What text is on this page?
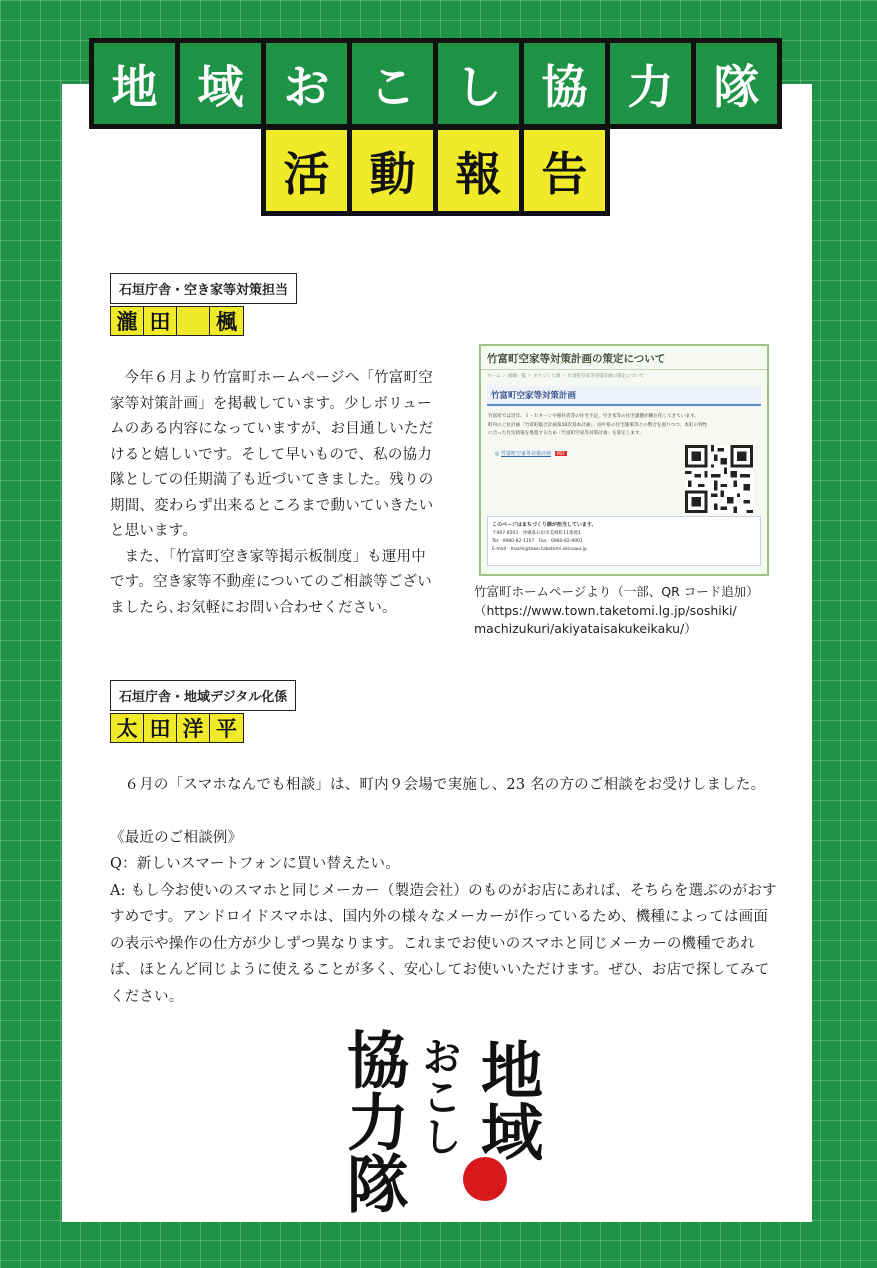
地 域 お こ し 協 力 隊
活 動 報 告
石垣庁舎・空き家等対策担当
瀧 田	楓

今年６月より竹富町ホームページへ「竹富町空家等対策計画」を掲載しています。少しボリュームのある内容になっていますが、お目通しいただけると嬉しいです。そして早いもので、私の協力隊としての任期満了も近づいてきました。残りの期間、変わらず出来るところまで動いていきたいと思います。

また、「竹富町空き家等掲示板制度」も運用中です。空き家等不動産についてのご相談等ございましたら､お気軽にお問い合わせください。

竹富町空家等対策計画の策定について
ホーム ＞ 組織一覧 ＞ まちづくり課 ＞ 竹富町空家等対策計画の策定について
竹富町空家等対策計画
竹富町では近年、Ｉ・Ｕターンや移住者等の住宅不足、空き家等の住宅課題が顕在化してきています。
町内の上位計画「竹富町総合計画第10次基本計画」、国や県の住宅施策等との整合を図りつつ、本町の特性
に合った住宅政策を推進するため「竹富町空家等対策計画」を策定します。
◎ 竹富町空家等対策計画 PDF
このページはまちづくり課が担当しています。
〒907-8503　沖縄県石垣市美崎町11番地1
Tel：0980-82-1107　Fax：0980-82-9901
E-mail：machi@town.taketomi.okinawa.jp
竹富町ホームページより（一部、QR コード追加）
（https://www.town.taketomi.lg.jp/soshiki/
machizukuri/akiyataisakukeikaku/）
石垣庁舎・地域デジタル化係
太 田 洋 平

６月の「スマホなんでも相談」は、町内９会場で実施し、23 名の方のご相談をお受けしました。

《最近のご相談例》

Q：新しいスマートフォンに買い替えたい。

A: もし今お使いのスマホと同じメーカー（製造会社）のものがお店にあれば、そちらを選ぶのがおすすめです。アンドロイドスマホは、国内外の様々なメーカーが作っているため、機種によっては画面の表示や操作の仕方が少しずつ異なります。これまでお使いのスマホと同じメーカーの機種であれば、ほとんど同じように使えることが多く、安心してお使いいただけます。ぜひ、お店で探してみてください。

地域
おこし
協力隊
